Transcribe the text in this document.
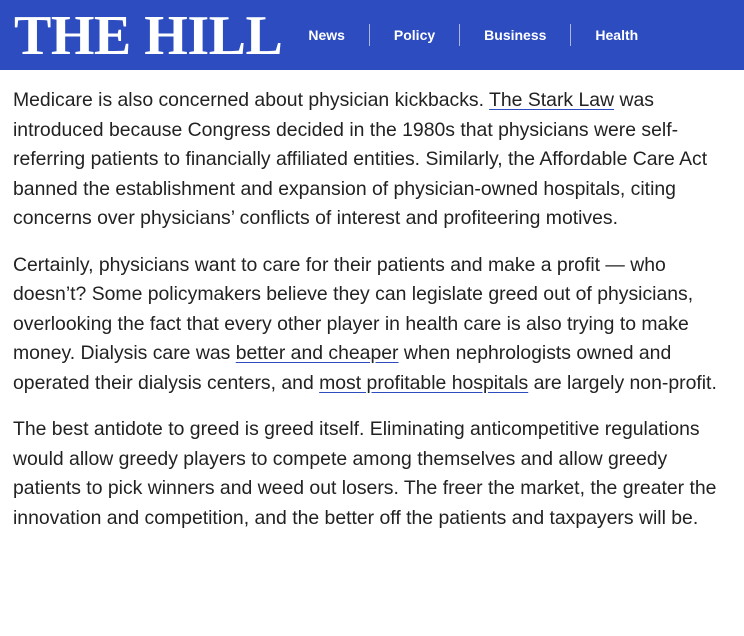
THE HILL News	Policy	Business	Health

Medicare is also concerned about physician kickbacks. The Stark Law was introduced because Congress decided in the 1980s that physicians were self-referring patients to financially affiliated entities. Similarly, the Affordable Care Act banned the establishment and expansion of physician-owned hospitals, citing concerns over physicians’ conflicts of interest and profiteering motives.

Certainly, physicians want to care for their patients and make a profit — who doesn’t? Some policymakers believe they can legislate greed out of physicians, overlooking the fact that every other player in health care is also trying to make money. Dialysis care was better and cheaper when nephrologists owned and operated their dialysis centers, and most profitable hospitals are largely non-profit.

The best antidote to greed is greed itself. Eliminating anticompetitive regulations would allow greedy players to compete among themselves and allow greedy patients to pick winners and weed out losers. The freer the market, the greater the innovation and competition, and the better off the patients and taxpayers will be.
